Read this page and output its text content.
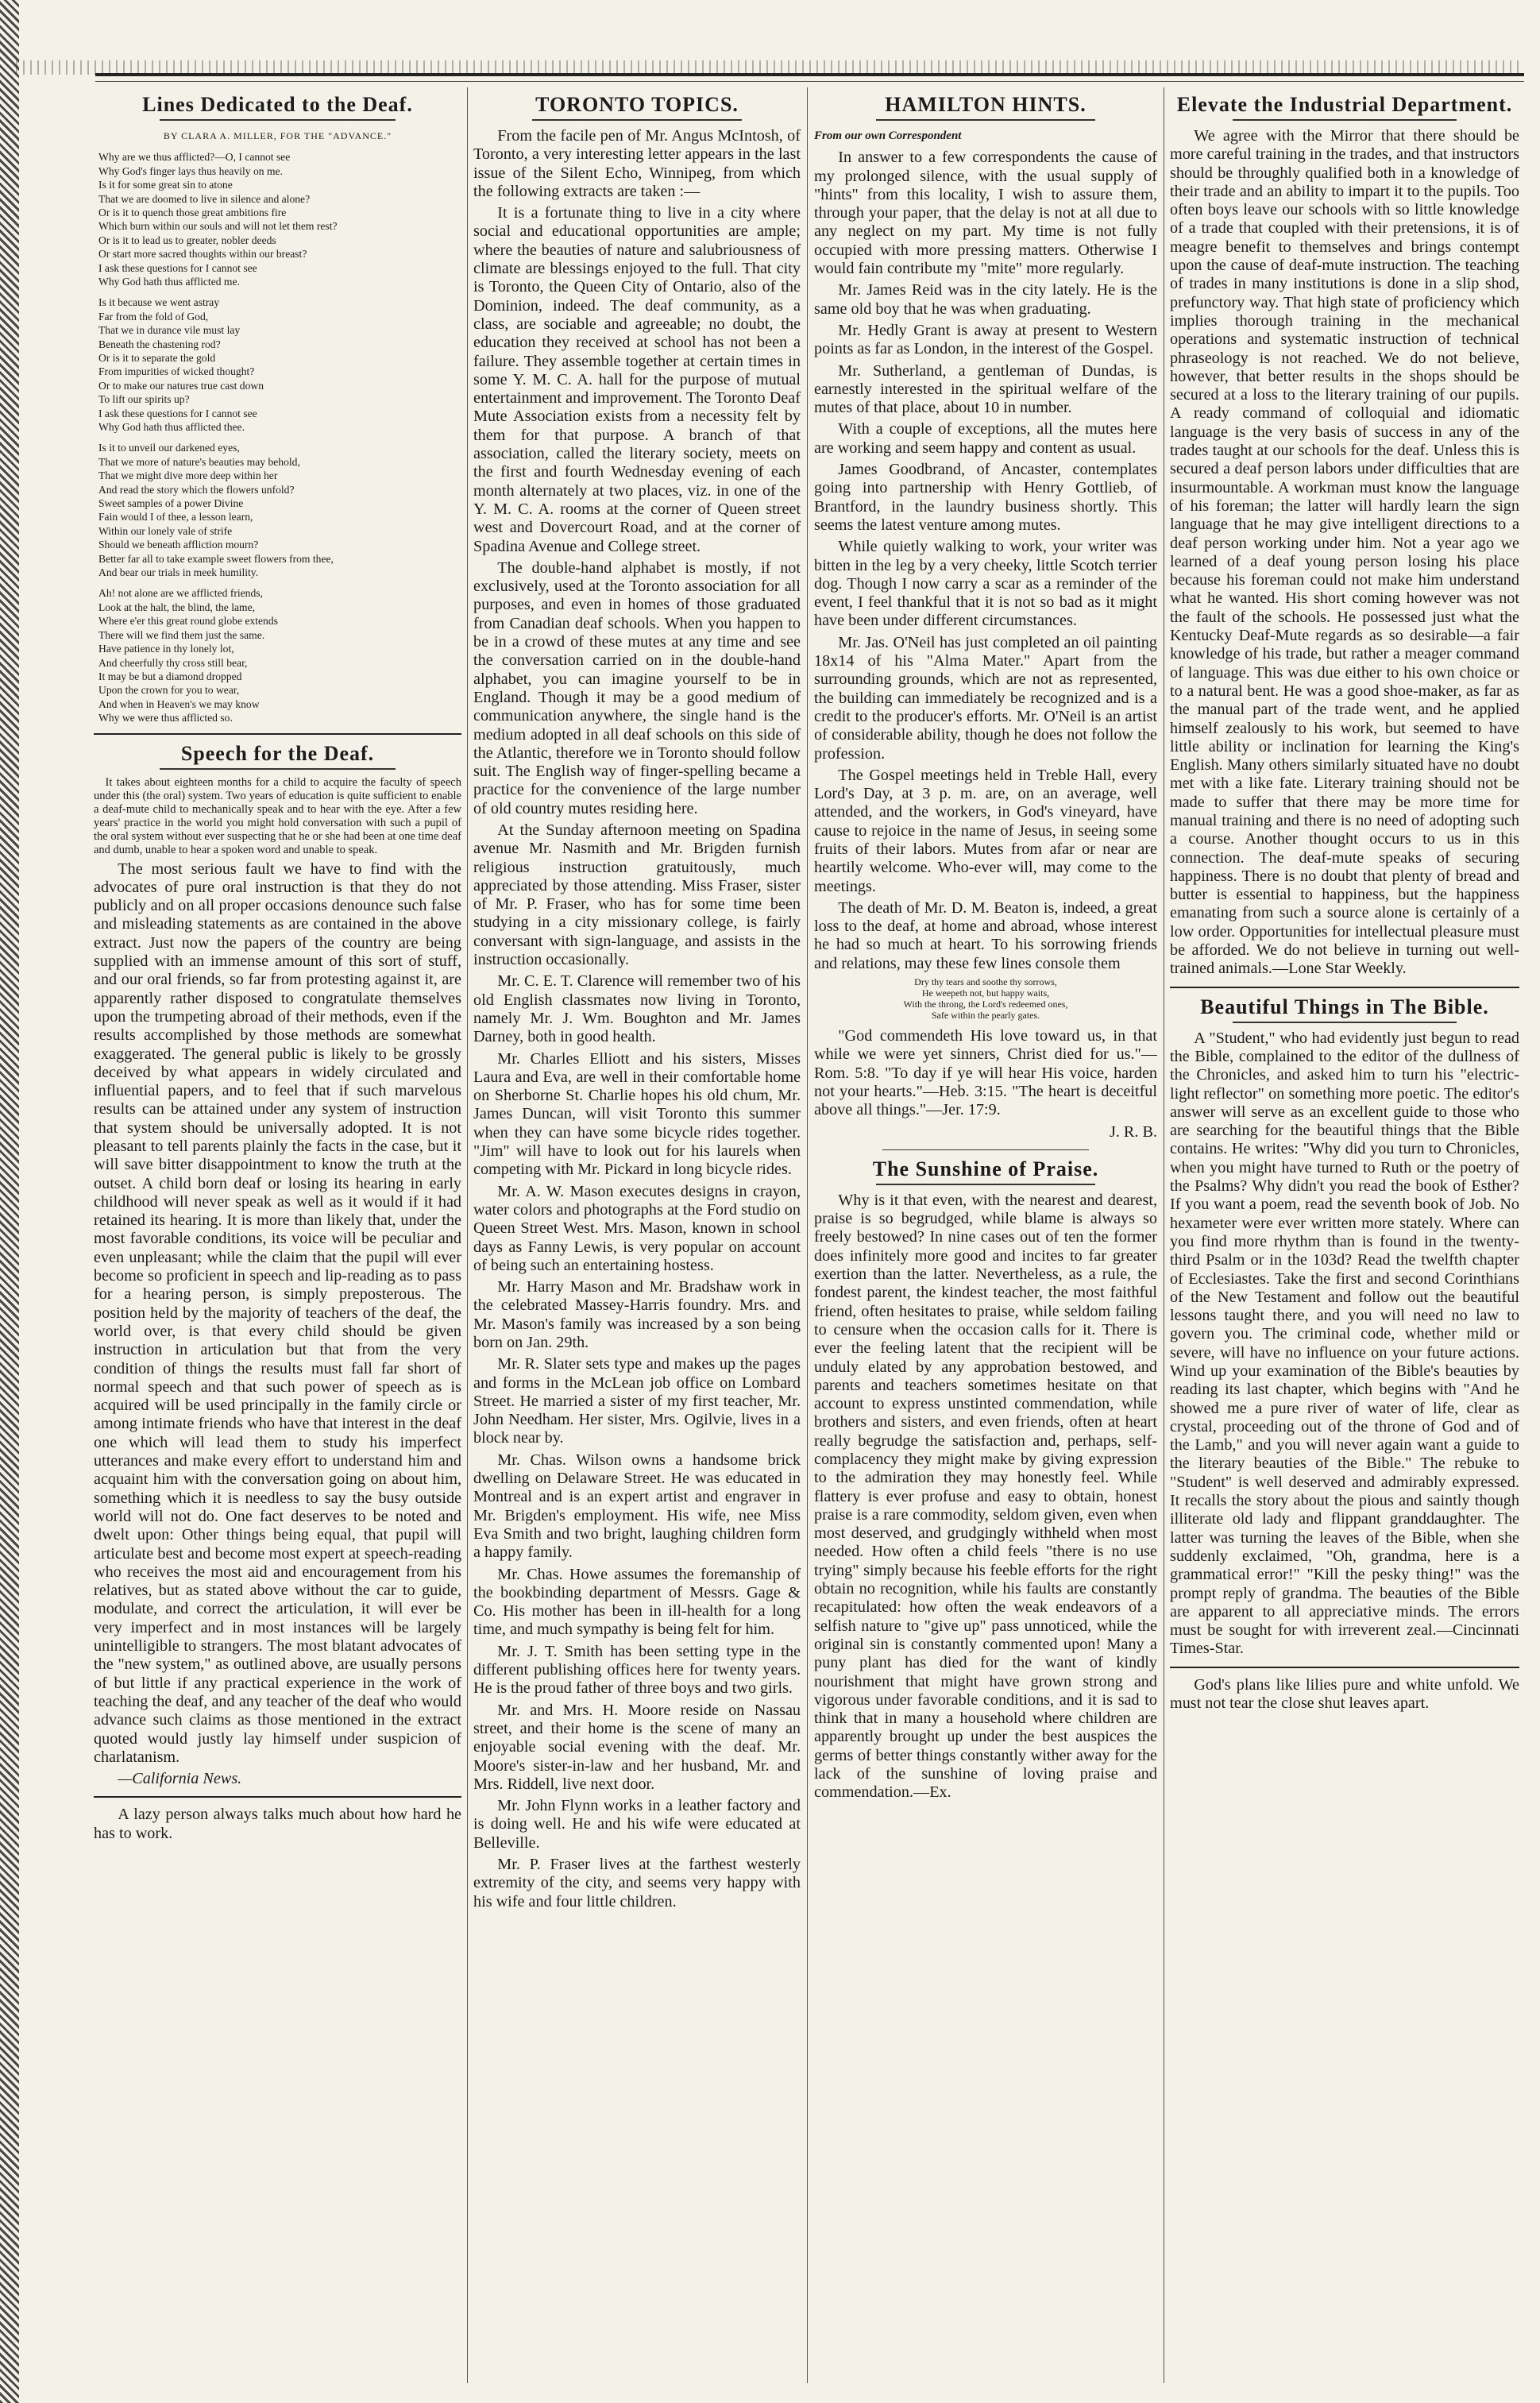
Lines Dedicated to the Deaf.
BY CLARA A. MILLER, FOR THE "ADVANCE."
Why are we thus afflicted?—O, I cannot see
Why God's finger lays thus heavily on me.
Is it for some great sin to atone
That we are doomed to live in silence and alone?
Or is it to quench those great ambitions fire
Which burn within our souls and will not let them rest?
Or is it to lead us to greater, nobler deeds
Or start more sacred thoughts within our breast?
I ask these questions for I cannot see
Why God hath thus afflicted me.
Is it because we went astray
Far from the fold of God,
That we in durance vile must lay
Beneath the chastening rod?
Or is it to separate the gold
From impurities of wicked thought?
Or to make our natures true cast down
To lift our spirits up?
I ask these questions for I cannot see
Why God hath thus afflicted thee.
Is it to unveil our darkened eyes,
That we more of nature's beauties may behold,
That we might dive more deep within her
And read the story which the flowers unfold?
Sweet samples of a power Divine
Fain would I of thee, a lesson learn,
Within our lonely vale of strife
Should we beneath affliction mourn?
Better far all to take example sweet flowers from thee,
And bear our trials in meek humility.
Ah! not alone are we afflicted friends,
Look at the halt, the blind, the lame,
Where e'er this great round globe extends
There will we find them just the same.
Have patience in thy lonely lot,
And cheerfully thy cross still bear,
It may be but a diamond dropped
Upon the crown for you to wear,
And when in Heaven's we may know
Why we were thus afflicted so.
Speech for the Deaf.

It takes about eighteen months for a child to acquire the faculty of speech under this (the oral) system. Two years of education is quite sufficient to enable a deaf-mute child to mechanically speak and to hear with the eye. After a few years' practice in the world you might hold conversation with such a pupil of the oral system without ever suspecting that he or she had been at one time deaf and dumb, unable to hear a spoken word and unable to speak.

The most serious fault we have to find with the advocates of pure oral instruction is that they do not publicly and on all proper occasions denounce such false and misleading statements as are contained in the above extract. Just now the papers of the country are being supplied with an immense amount of this sort of stuff, and our oral friends, so far from protesting against it, are apparently rather disposed to congratulate themselves upon the trumpeting abroad of their methods, even if the results accomplished by those methods are somewhat exaggerated. The general public is likely to be grossly deceived by what appears in widely circulated and influential papers, and to feel that if such marvelous results can be attained under any system of instruction that system should be universally adopted. It is not pleasant to tell parents plainly the facts in the case, but it will save bitter disappointment to know the truth at the outset. A child born deaf or losing its hearing in early childhood will never speak as well as it would if it had retained its hearing. It is more than likely that, under the most favorable conditions, its voice will be peculiar and even unpleasant; while the claim that the pupil will ever become so proficient in speech and lip-reading as to pass for a hearing person, is simply preposterous. The position held by the majority of teachers of the deaf, the world over, is that every child should be given instruction in articulation but that from the very condition of things the results must fall far short of normal speech and that such power of speech as is acquired will be used principally in the family circle or among intimate friends who have that interest in the deaf one which will lead them to study his imperfect utterances and make every effort to understand him and acquaint him with the conversation going on about him, something which it is needless to say the busy outside world will not do. One fact deserves to be noted and dwelt upon: Other things being equal, that pupil will articulate best and become most expert at speech-reading who receives the most aid and encouragement from his relatives, but as stated above without the car to guide, modulate, and correct the articulation, it will ever be very imperfect and in most instances will be largely unintelligible to strangers. The most blatant advocates of the "new system," as outlined above, are usually persons of but little if any practical experience in the work of teaching the deaf, and any teacher of the deaf who would advance such claims as those mentioned in the extract quoted would justly lay himself under suspicion of charlatanism.

—California News.

A lazy person always talks much about how hard he has to work.

TORONTO TOPICS.

From the facile pen of Mr. Angus McIntosh, of Toronto, a very interesting letter appears in the last issue of the Silent Echo, Winnipeg, from which the following extracts are taken :—

It is a fortunate thing to live in a city where social and educational opportunities are ample; where the beauties of nature and salubriousness of climate are blessings enjoyed to the full. That city is Toronto, the Queen City of Ontario, also of the Dominion, indeed. The deaf community, as a class, are sociable and agreeable; no doubt, the education they received at school has not been a failure. They assemble together at certain times in some Y. M. C. A. hall for the purpose of mutual entertainment and improvement. The Toronto Deaf Mute Association exists from a necessity felt by them for that purpose. A branch of that association, called the literary society, meets on the first and fourth Wednesday evening of each month alternately at two places, viz. in one of the Y. M. C. A. rooms at the corner of Queen street west and Dovercourt Road, and at the corner of Spadina Avenue and College street.

The double-hand alphabet is mostly, if not exclusively, used at the Toronto association for all purposes, and even in homes of those graduated from Canadian deaf schools. When you happen to be in a crowd of these mutes at any time and see the conversation carried on in the double-hand alphabet, you can imagine yourself to be in England. Though it may be a good medium of communication anywhere, the single hand is the medium adopted in all deaf schools on this side of the Atlantic, therefore we in Toronto should follow suit. The English way of finger-spelling became a practice for the convenience of the large number of old country mutes residing here.

At the Sunday afternoon meeting on Spadina avenue Mr. Nasmith and Mr. Brigden furnish religious instruction gratuitously, much appreciated by those attending. Miss Fraser, sister of Mr. P. Fraser, who has for some time been studying in a city missionary college, is fairly conversant with sign-language, and assists in the instruction occasionally.

Mr. C. E. T. Clarence will remember two of his old English classmates now living in Toronto, namely Mr. J. Wm. Boughton and Mr. James Darney, both in good health.

Mr. Charles Elliott and his sisters, Misses Laura and Eva, are well in their comfortable home on Sherborne St. Charlie hopes his old chum, Mr. James Duncan, will visit Toronto this summer when they can have some bicycle rides together. "Jim" will have to look out for his laurels when competing with Mr. Pickard in long bicycle rides.

Mr. A. W. Mason executes designs in crayon, water colors and photographs at the Ford studio on Queen Street West. Mrs. Mason, known in school days as Fanny Lewis, is very popular on account of being such an entertaining hostess.

Mr. Harry Mason and Mr. Bradshaw work in the celebrated Massey-Harris foundry. Mrs. and Mr. Mason's family was increased by a son being born on Jan. 29th.

Mr. R. Slater sets type and makes up the pages and forms in the McLean job office on Lombard Street. He married a sister of my first teacher, Mr. John Needham. Her sister, Mrs. Ogilvie, lives in a block near by.

Mr. Chas. Wilson owns a handsome brick dwelling on Delaware Street. He was educated in Montreal and is an expert artist and engraver in Mr. Brigden's employment. His wife, nee Miss Eva Smith and two bright, laughing children form a happy family.

Mr. Chas. Howe assumes the foremanship of the bookbinding department of Messrs. Gage & Co. His mother has been in ill-health for a long time, and much sympathy is being felt for him.

Mr. J. T. Smith has been setting type in the different publishing offices here for twenty years. He is the proud father of three boys and two girls.

Mr. and Mrs. H. Moore reside on Nassau street, and their home is the scene of many an enjoyable social evening with the deaf. Mr. Moore's sister-in-law and her husband, Mr. and Mrs. Riddell, live next door.

Mr. John Flynn works in a leather factory and is doing well. He and his wife were educated at Belleville.

Mr. P. Fraser lives at the farthest westerly extremity of the city, and seems very happy with his wife and four little children.

HAMILTON HINTS.
From our own Correspondent

In answer to a few correspondents the cause of my prolonged silence, with the usual supply of "hints" from this locality, I wish to assure them, through your paper, that the delay is not at all due to any neglect on my part. My time is not fully occupied with more pressing matters. Otherwise I would fain contribute my "mite" more regularly.

Mr. James Reid was in the city lately. He is the same old boy that he was when graduating.

Mr. Hedly Grant is away at present to Western points as far as London, in the interest of the Gospel.

Mr. Sutherland, a gentleman of Dundas, is earnestly interested in the spiritual welfare of the mutes of that place, about 10 in number.

With a couple of exceptions, all the mutes here are working and seem happy and content as usual.

James Goodbrand, of Ancaster, contemplates going into partnership with Henry Gottlieb, of Brantford, in the laundry business shortly. This seems the latest venture among mutes.

While quietly walking to work, your writer was bitten in the leg by a very cheeky, little Scotch terrier dog. Though I now carry a scar as a reminder of the event, I feel thankful that it is not so bad as it might have been under different circumstances.

Mr. Jas. O'Neil has just completed an oil painting 18x14 of his "Alma Mater." Apart from the surrounding grounds, which are not as represented, the building can immediately be recognized and is a credit to the producer's efforts. Mr. O'Neil is an artist of considerable ability, though he does not follow the profession.

The Gospel meetings held in Treble Hall, every Lord's Day, at 3 p. m. are, on an average, well attended, and the workers, in God's vineyard, have cause to rejoice in the name of Jesus, in seeing some fruits of their labors. Mutes from afar or near are heartily welcome. Who-ever will, may come to the meetings.

The death of Mr. D. M. Beaton is, indeed, a great loss to the deaf, at home and abroad, whose interest he had so much at heart. To his sorrowing friends and relations, may these few lines console them

Dry thy tears and soothe thy sorrows,
He weepeth not, but happy waits,
With the throng, the Lord's redeemed ones,
Safe within the pearly gates.

"God commendeth His love toward us, in that while we were yet sinners, Christ died for us."—Rom. 5:8. "To day if ye will hear His voice, harden not your hearts."—Heb. 3:15. "The heart is deceitful above all things."—Jer. 17:9.

J. R. B.
The Sunshine of Praise.

Why is it that even, with the nearest and dearest, praise is so begrudged, while blame is always so freely bestowed? In nine cases out of ten the former does infinitely more good and incites to far greater exertion than the latter. Nevertheless, as a rule, the fondest parent, the kindest teacher, the most faithful friend, often hesitates to praise, while seldom failing to censure when the occasion calls for it. There is ever the feeling latent that the recipient will be unduly elated by any approbation bestowed, and parents and teachers sometimes hesitate on that account to express unstinted commendation, while brothers and sisters, and even friends, often at heart really begrudge the satisfaction and, perhaps, self-complacency they might make by giving expression to the admiration they may honestly feel. While flattery is ever profuse and easy to obtain, honest praise is a rare commodity, seldom given, even when most deserved, and grudgingly withheld when most needed. How often a child feels "there is no use trying" simply because his feeble efforts for the right obtain no recognition, while his faults are constantly recapitulated: how often the weak endeavors of a selfish nature to "give up" pass unnoticed, while the original sin is constantly commented upon! Many a puny plant has died for the want of kindly nourishment that might have grown strong and vigorous under favorable conditions, and it is sad to think that in many a household where children are apparently brought up under the best auspices the germs of better things constantly wither away for the lack of the sunshine of loving praise and commendation.—Ex.

Elevate the Industrial Department.

We agree with the Mirror that there should be more careful training in the trades, and that instructors should be throughly qualified both in a knowledge of their trade and an ability to impart it to the pupils. Too often boys leave our schools with so little knowledge of a trade that coupled with their pretensions, it is of meagre benefit to themselves and brings contempt upon the cause of deaf-mute instruction. The teaching of trades in many institutions is done in a slip shod, prefunctory way. That high state of proficiency which implies thorough training in the mechanical operations and systematic instruction of technical phraseology is not reached. We do not believe, however, that better results in the shops should be secured at a loss to the literary training of our pupils. A ready command of colloquial and idiomatic language is the very basis of success in any of the trades taught at our schools for the deaf. Unless this is secured a deaf person labors under difficulties that are insurmountable. A workman must know the language of his foreman; the latter will hardly learn the sign language that he may give intelligent directions to a deaf person working under him. Not a year ago we learned of a deaf young person losing his place because his foreman could not make him understand what he wanted. His short coming however was not the fault of the schools. He possessed just what the Kentucky Deaf-Mute regards as so desirable—a fair knowledge of his trade, but rather a meager command of language. This was due either to his own choice or to a natural bent. He was a good shoe-maker, as far as the manual part of the trade went, and he applied himself zealously to his work, but seemed to have little ability or inclination for learning the King's English. Many others similarly situated have no doubt met with a like fate. Literary training should not be made to suffer that there may be more time for manual training and there is no need of adopting such a course. Another thought occurs to us in this connection. The deaf-mute speaks of securing happiness. There is no doubt that plenty of bread and butter is essential to happiness, but the happiness emanating from such a source alone is certainly of a low order. Opportunities for intellectual pleasure must be afforded. We do not believe in turning out well-trained animals.—Lone Star Weekly.

Beautiful Things in The Bible.

A "Student," who had evidently just begun to read the Bible, complained to the editor of the dullness of the Chronicles, and asked him to turn his "electric-light reflector" on something more poetic. The editor's answer will serve as an excellent guide to those who are searching for the beautiful things that the Bible contains. He writes: "Why did you turn to Chronicles, when you might have turned to Ruth or the poetry of the Psalms? Why didn't you read the book of Esther? If you want a poem, read the seventh book of Job. No hexameter were ever written more stately. Where can you find more rhythm than is found in the twenty-third Psalm or in the 103d? Read the twelfth chapter of Ecclesiastes. Take the first and second Corinthians of the New Testament and follow out the beautiful lessons taught there, and you will need no law to govern you. The criminal code, whether mild or severe, will have no influence on your future actions. Wind up your examination of the Bible's beauties by reading its last chapter, which begins with "And he showed me a pure river of water of life, clear as crystal, proceeding out of the throne of God and of the Lamb," and you will never again want a guide to the literary beauties of the Bible." The rebuke to "Student" is well deserved and admirably expressed. It recalls the story about the pious and saintly though illiterate old lady and flippant granddaughter. The latter was turning the leaves of the Bible, when she suddenly exclaimed, "Oh, grandma, here is a grammatical error!" "Kill the pesky thing!" was the prompt reply of grandma. The beauties of the Bible are apparent to all appreciative minds. The errors must be sought for with irreverent zeal.—Cincinnati Times-Star.

God's plans like lilies pure and white unfold. We must not tear the close shut leaves apart.
